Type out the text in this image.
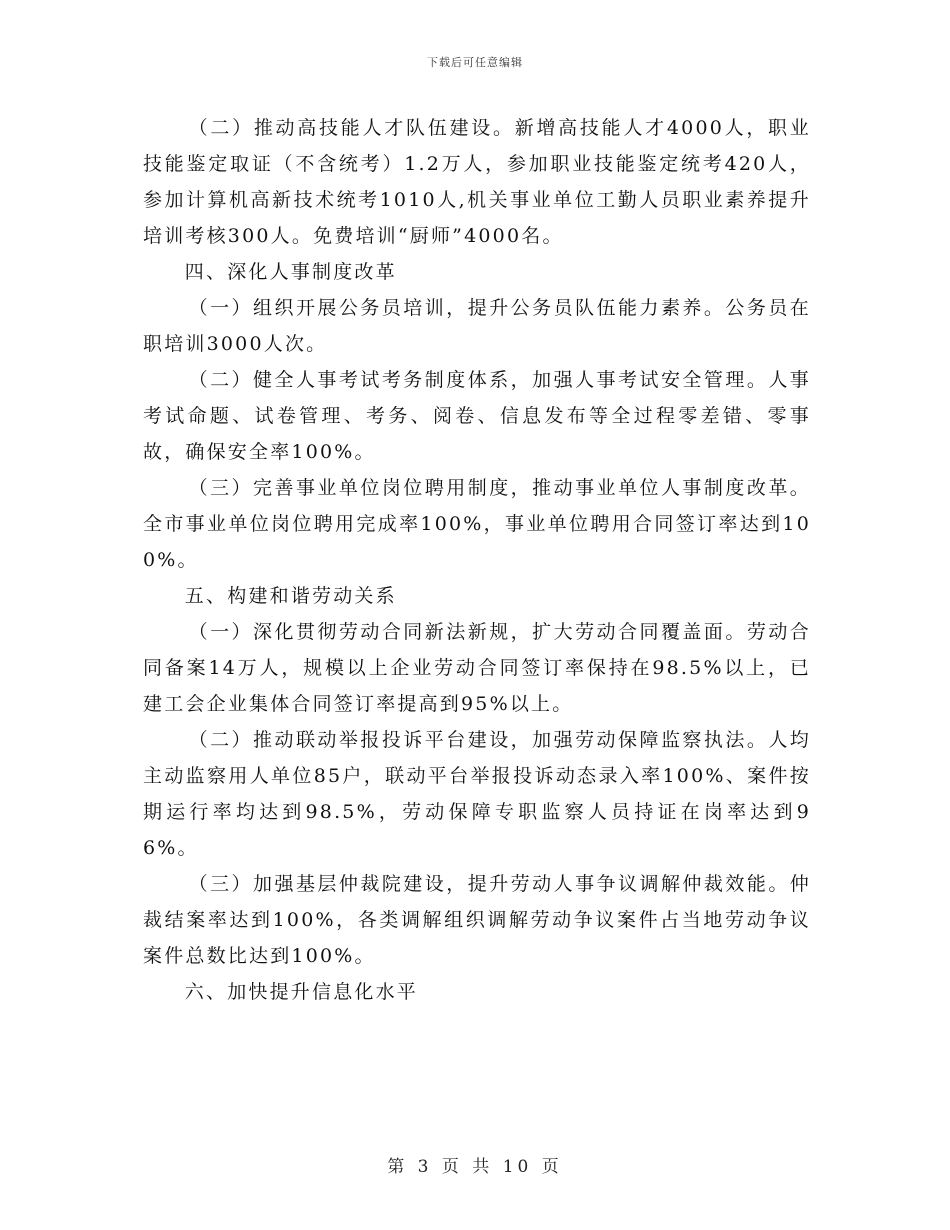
下载后可任意编辑

（二）推动高技能人才队伍建设。新增高技能人才4000人，职业技能鉴定取证（不含统考）1.2万人，参加职业技能鉴定统考420人，参加计算机高新技术统考1010人,机关事业单位工勤人员职业素养提升培训考核300人。免费培训“厨师”4000名。

四、深化人事制度改革

（一）组织开展公务员培训，提升公务员队伍能力素养。公务员在职培训3000人次。

（二）健全人事考试考务制度体系，加强人事考试安全管理。人事考试命题、试卷管理、考务、阅卷、信息发布等全过程零差错、零事故，确保安全率100%。

（三）完善事业单位岗位聘用制度，推动事业单位人事制度改革。全市事业单位岗位聘用完成率100%，事业单位聘用合同签订率达到100%。

五、构建和谐劳动关系

（一）深化贯彻劳动合同新法新规，扩大劳动合同覆盖面。劳动合同备案14万人，规模以上企业劳动合同签订率保持在98.5%以上，已建工会企业集体合同签订率提高到95%以上。

（二）推动联动举报投诉平台建设，加强劳动保障监察执法。人均主动监察用人单位85户，联动平台举报投诉动态录入率100%、案件按期运行率均达到98.5%，劳动保障专职监察人员持证在岗率达到96%。

（三）加强基层仲裁院建设，提升劳动人事争议调解仲裁效能。仲裁结案率达到100%，各类调解组织调解劳动争议案件占当地劳动争议案件总数比达到100%。

六、加快提升信息化水平

第 3 页 共 10 页
